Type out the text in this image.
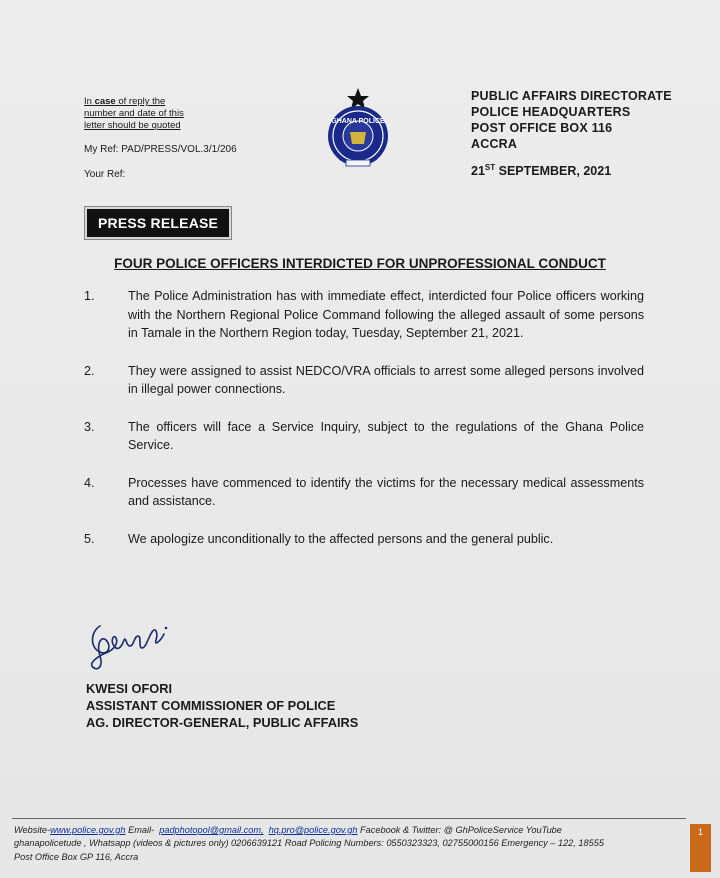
In case of reply the
number and date of this
letter should be quoted
My Ref: PAD/PRESS/VOL.3/1/206
Your Ref:
GHANA POLICE
PUBLIC AFFAIRS DIRECTORATE
POLICE HEADQUARTERS
POST OFFICE BOX 116
ACCRA
21ST SEPTEMBER, 2021
PRESS RELEASE
FOUR POLICE OFFICERS INTERDICTED FOR UNPROFESSIONAL CONDUCT
1.	The Police Administration has with immediate effect, interdicted four Police officers working with the Northern Regional Police Command following the alleged assault of some persons in Tamale in the Northern Region today, Tuesday, September 21, 2021.
2.	They were assigned to assist NEDCO/VRA officials to arrest some alleged persons involved in illegal power connections.
3.	The officers will face a Service Inquiry, subject to the regulations of the Ghana Police Service.
4.	Processes have commenced to identify the victims for the necessary medical assessments and assistance.
5.	We apologize unconditionally to the affected persons and the general public.
KWESI OFORI
ASSISTANT COMMISSIONER OF POLICE
AG. DIRECTOR-GENERAL, PUBLIC AFFAIRS
Website-www.police.gov.gh Email-  padphotopol@gmail.com, hq.pro@police.gov.gh Facebook & Twitter: @ GhPoliceService YouTube
ghanapolicetude , Whatsapp (videos & pictures only) 0206639121 Road Policing Numbers: 0550323323, 02755000156 Emergency – 122, 18555
Post Office Box GP 116, Accra
1
